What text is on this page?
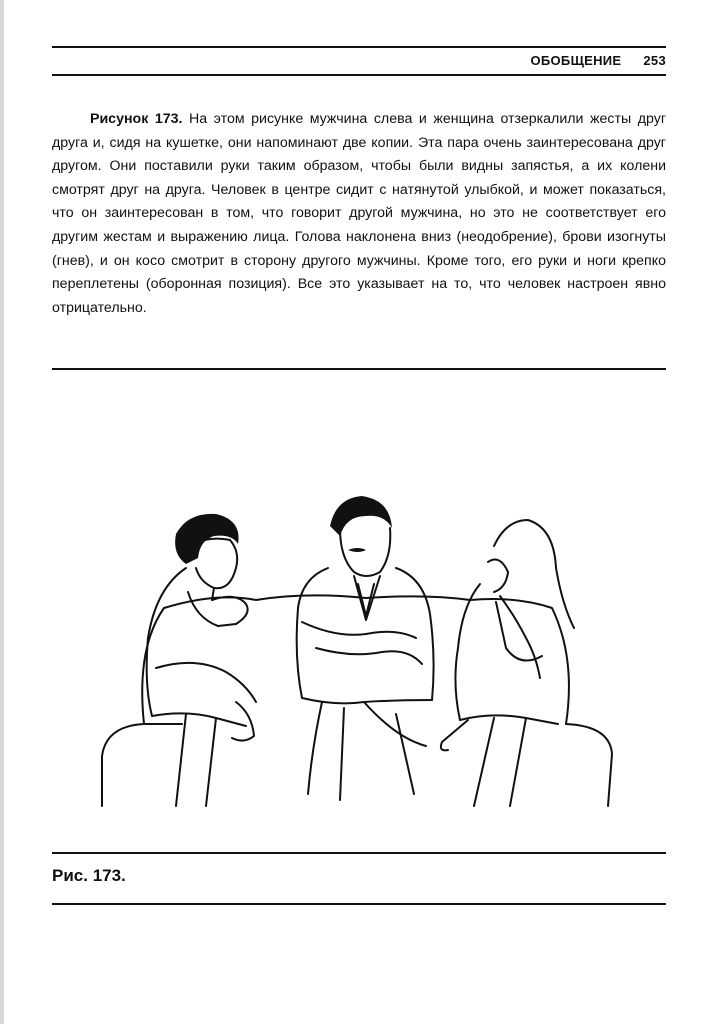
ОБОБЩЕНИЕ 253
Рисунок 173. На этом рисунке мужчина слева и женщина отзеркалили жесты друг друга и, сидя на кушетке, они напоминают две копии. Эта пара очень заинтересована друг другом. Они поставили руки таким образом, чтобы были видны запястья, а их колени смотрят друг на друга. Человек в центре сидит с натянутой улыбкой, и может показаться, что он заинтересован в том, что говорит другой мужчина, но это не соответствует его другим жестам и выражению лица. Голова наклонена вниз (неодобрение), брови изогнуты (гнев), и он косо смотрит в сторону другого мужчины. Кроме того, его руки и ноги крепко переплетены (оборонная позиция). Все это указывает на то, что человек настроен явно отрицательно.
Рис. 173.
